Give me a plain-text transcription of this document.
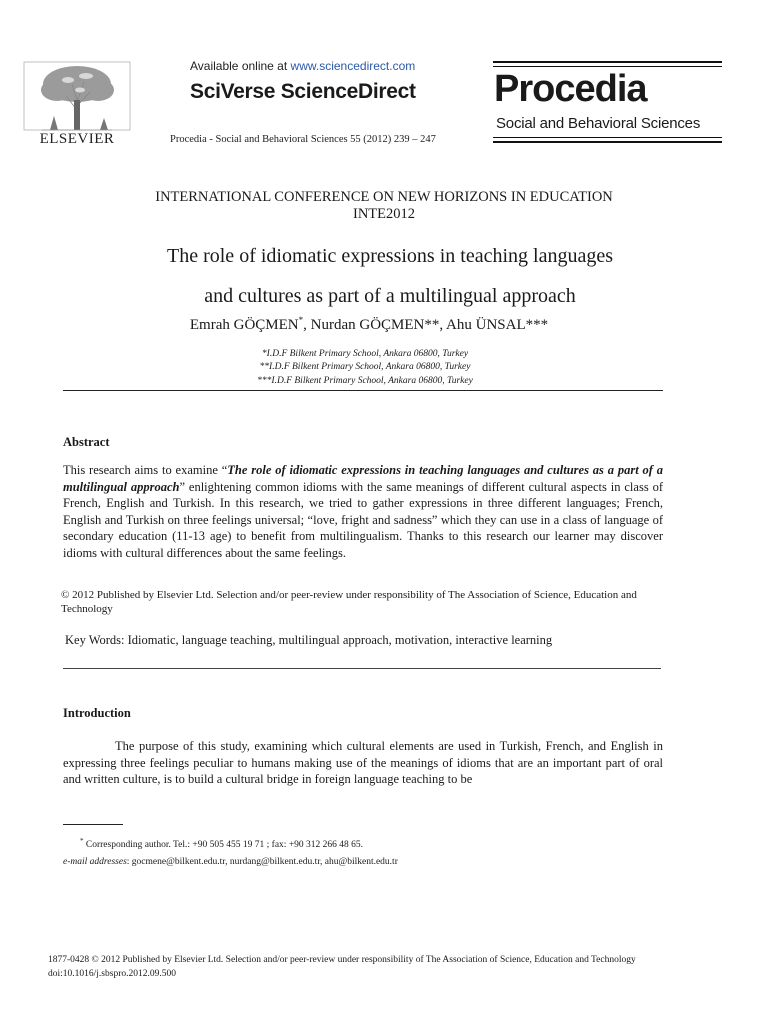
ELSEVIER
Available online at www.sciencedirect.com
SciVerse ScienceDirect
Procedia - Social and Behavioral Sciences 55 (2012) 239 – 247
Procedia
Social and Behavioral Sciences
INTERNATIONAL CONFERENCE ON NEW HORIZONS IN EDUCATION
INTE2012
The role of idiomatic expressions in teaching languages
and cultures as part of a multilingual approach
Emrah GÖÇMEN*, Nurdan GÖÇMEN**, Ahu ÜNSAL***
*I.D.F Bilkent Primary School, Ankara 06800, Turkey
**I.D.F Bilkent Primary School, Ankara 06800, Turkey
***I.D.F Bilkent Primary School, Ankara 06800, Turkey
Abstract
This research aims to examine “The role of idiomatic expressions in teaching languages and cultures as a part of a multilingual approach” enlightening common idioms with the same meanings of different cultural aspects in class of French, English and Turkish. In this research, we tried to gather expressions in three different languages; French, English and Turkish on three feelings universal; “love, fright and sadness” which they can use in a class of language of secondary education (11-13 age) to benefit from multilingualism. Thanks to this research our learner may discover idioms with cultural differences about the same feelings.
© 2012 Published by Elsevier Ltd. Selection and/or peer-review under responsibility of The Association of Science, Education and Technology
Key Words: Idiomatic, language teaching, multilingual approach, motivation, interactive learning
Introduction
The purpose of this study, examining which cultural elements are used in Turkish, French, and English in expressing three feelings peculiar to humans making use of the meanings of idioms that are an important part of oral and written culture, is to build a cultural bridge in foreign language teaching to be
* Corresponding author. Tel.: +90 505 455 19 71 ; fax: +90 312 266 48 65.
e-mail addresses: gocmene@bilkent.edu.tr, nurdang@bilkent.edu.tr, ahu@bilkent.edu.tr
1877-0428 © 2012 Published by Elsevier Ltd. Selection and/or peer-review under responsibility of The Association of Science, Education and Technology
doi:10.1016/j.sbspro.2012.09.500
